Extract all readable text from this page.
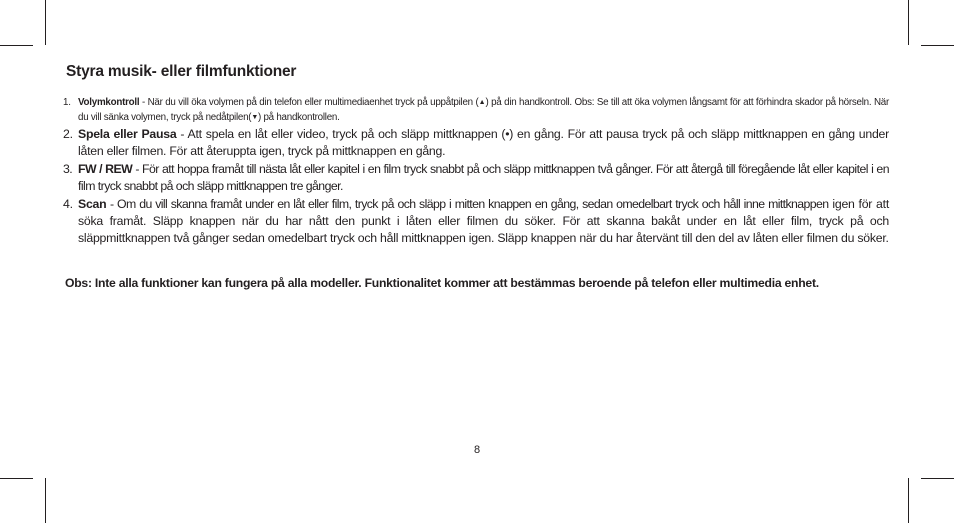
Styra musik- eller filmfunktioner
1. Volymkontroll - När du vill öka volymen på din telefon eller multimediaenhet tryck på uppåtpilen (▲) på din handkontroll. Obs: Se till att öka volymen långsamt för att förhindra skador på hörseln. När du vill sänka volymen, tryck på nedåtpilen(▼) på handkontrollen.
2. Spela eller Pausa - Att spela en låt eller video, tryck på och släpp mittknappen (•) en gång. För att pausa tryck på och släpp mittknappen en gång under låten eller filmen. För att återuppta igen, tryck på mittknappen en gång.
3. FW / REW - För att hoppa framåt till nästa låt eller kapitel i en film tryck snabbt på och släpp mittknappen två gånger. För att återgå till föregående låt eller kapitel i en film tryck snabbt på och släpp mittknappen tre gånger.
4. Scan - Om du vill skanna framåt under en låt eller film, tryck på och släpp i mitten knappen en gång, sedan omedelbart tryck och håll inne mittknappen igen för att söka framåt. Släpp knappen när du har nått den punkt i låten eller filmen du söker. För att skanna bakåt under en låt eller film, tryck på och släppmittknappen två gånger sedan omedelbart tryck och håll mittknappen igen. Släpp knappen när du har återvänt till den del av låten eller filmen du söker.
Obs: Inte alla funktioner kan fungera på alla modeller. Funktionalitet kommer att bestämmas beroende på telefon eller multimedia enhet.
8
